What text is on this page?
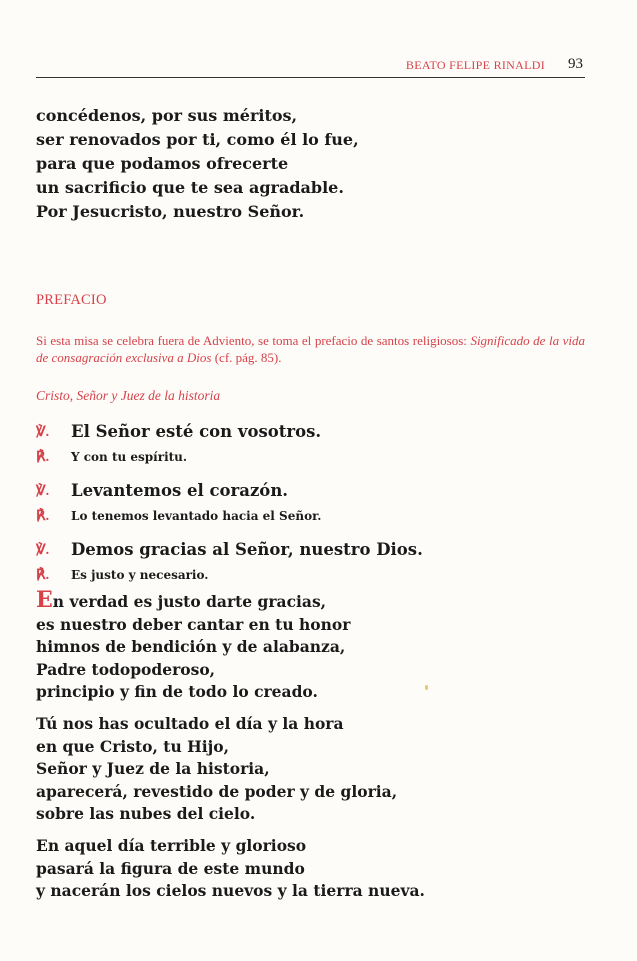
BEATO FELIPE RINALDI 93
concédenos, por sus méritos,
ser renovados por ti, como él lo fue,
para que podamos ofrecerte
un sacrificio que te sea agradable.
Por Jesucristo, nuestro Señor.
PREFACIO
Si esta misa se celebra fuera de Adviento, se toma el prefacio de santos religiosos: Significado de la vida de consagración exclusiva a Dios (cf. pág. 85).
Cristo, Señor y Juez de la historia
℣. El Señor esté con vosotros.
℟. Y con tu espíritu.
℣. Levantemos el corazón.
℟. Lo tenemos levantado hacia el Señor.
℣. Demos gracias al Señor, nuestro Dios.
℟. Es justo y necesario.
En verdad es justo darte gracias,
es nuestro deber cantar en tu honor
himnos de bendición y de alabanza,
Padre todopoderoso,
principio y fin de todo lo creado.
Tú nos has ocultado el día y la hora
en que Cristo, tu Hijo,
Señor y Juez de la historia,
aparecerá, revestido de poder y de gloria,
sobre las nubes del cielo.
En aquel día terrible y glorioso
pasará la figura de este mundo
y nacerán los cielos nuevos y la tierra nueva.
